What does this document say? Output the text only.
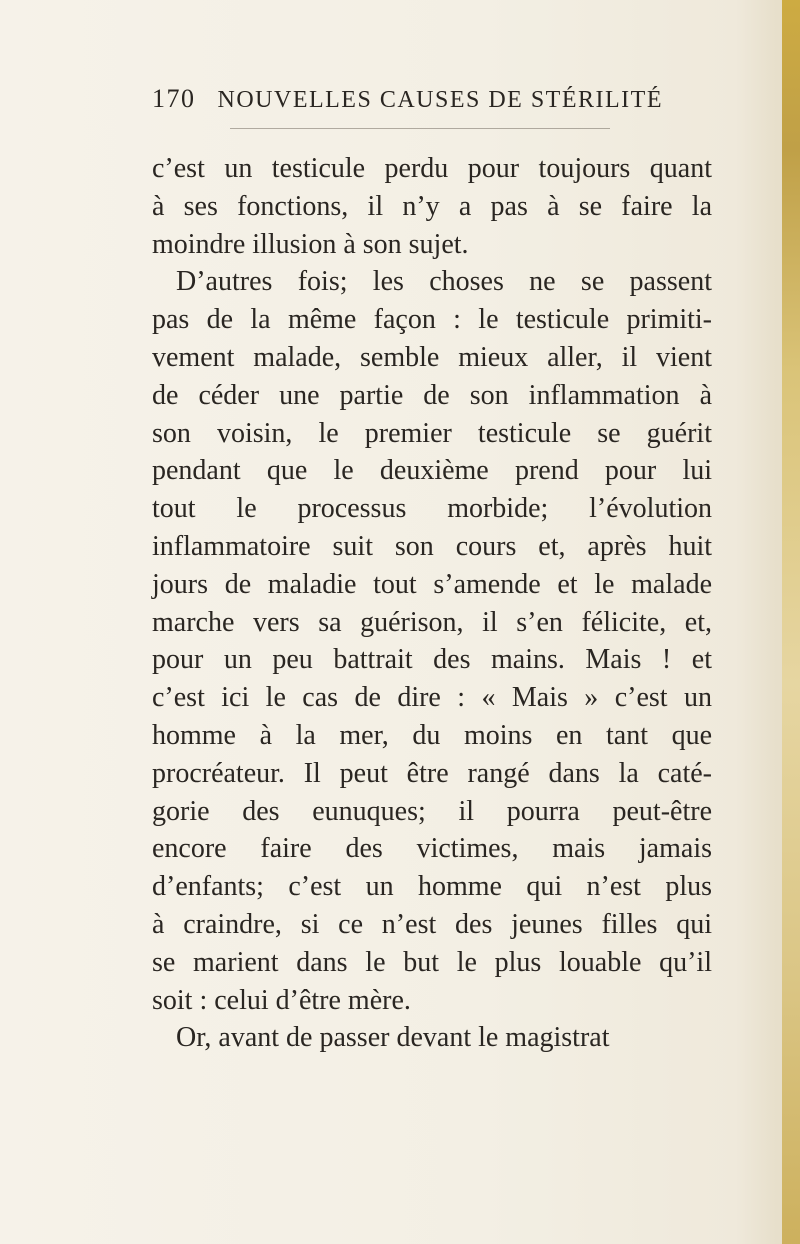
170 NOUVELLES CAUSES DE STÉRILITÉ
c’est un testicule perdu pour toujours quant
à ses fonctions, il n’y a pas à se faire la
moindre illusion à son sujet.
D’autres fois; les choses ne se passent
pas de la même façon : le testicule primiti-
vement malade, semble mieux aller, il vient
de céder une partie de son inflammation à
son voisin, le premier testicule se guérit
pendant que le deuxième prend pour lui
tout le processus morbide; l’évolution
inflammatoire suit son cours et, après huit
jours de maladie tout s’amende et le malade
marche vers sa guérison, il s’en félicite, et,
pour un peu battrait des mains. Mais ! et
c’est ici le cas de dire : « Mais » c’est un
homme à la mer, du moins en tant que
procréateur. Il peut être rangé dans la caté-
gorie des eunuques; il pourra peut-être
encore faire des victimes, mais jamais
d’enfants; c’est un homme qui n’est plus
à craindre, si ce n’est des jeunes filles qui
se marient dans le but le plus louable qu’il
soit : celui d’être mère.
Or, avant de passer devant le magistrat
